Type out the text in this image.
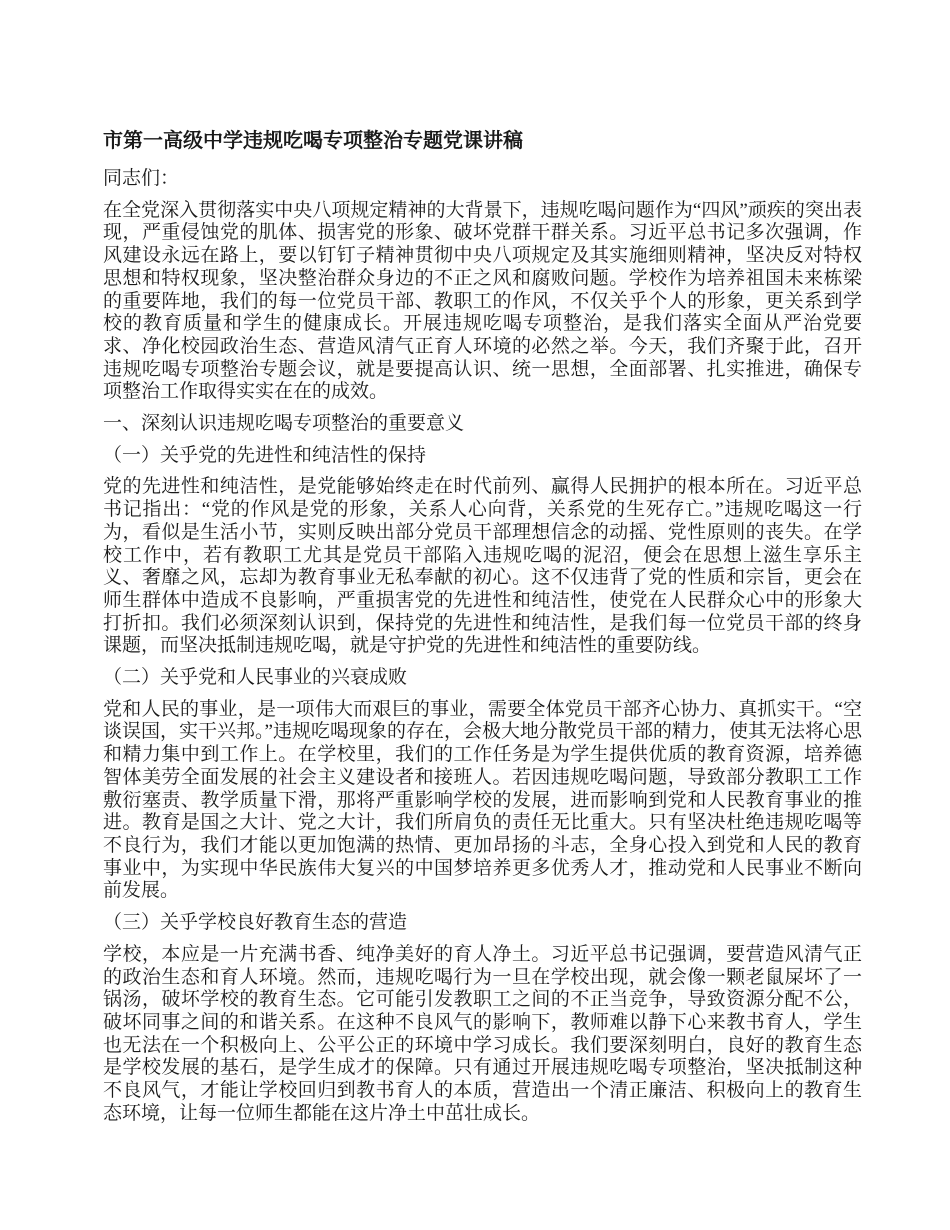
市第一高级中学违规吃喝专项整治专题党课讲稿

同志们：

在全党深入贯彻落实中央八项规定精神的大背景下，违规吃喝问题作为“四风”顽疾的突出表现，严重侵蚀党的肌体、损害党的形象、破坏党群干群关系。习近平总书记多次强调，作风建设永远在路上，要以钉钉子精神贯彻中央八项规定及其实施细则精神，坚决反对特权思想和特权现象，坚决整治群众身边的不正之风和腐败问题。学校作为培养祖国未来栋梁的重要阵地，我们的每一位党员干部、教职工的作风，不仅关乎个人的形象，更关系到学校的教育质量和学生的健康成长。开展违规吃喝专项整治，是我们落实全面从严治党要求、净化校园政治生态、营造风清气正育人环境的必然之举。今天，我们齐聚于此，召开违规吃喝专项整治专题会议，就是要提高认识、统一思想，全面部署、扎实推进，确保专项整治工作取得实实在在的成效。

一、深刻认识违规吃喝专项整治的重要意义

（一）关乎党的先进性和纯洁性的保持

党的先进性和纯洁性，是党能够始终走在时代前列、赢得人民拥护的根本所在。习近平总书记指出：“党的作风是党的形象，关系人心向背，关系党的生死存亡。”违规吃喝这一行为，看似是生活小节，实则反映出部分党员干部理想信念的动摇、党性原则的丧失。在学校工作中，若有教职工尤其是党员干部陷入违规吃喝的泥沼，便会在思想上滋生享乐主义、奢靡之风，忘却为教育事业无私奉献的初心。这不仅违背了党的性质和宗旨，更会在师生群体中造成不良影响，严重损害党的先进性和纯洁性，使党在人民群众心中的形象大打折扣。我们必须深刻认识到，保持党的先进性和纯洁性，是我们每一位党员干部的终身课题，而坚决抵制违规吃喝，就是守护党的先进性和纯洁性的重要防线。

（二）关乎党和人民事业的兴衰成败

党和人民的事业，是一项伟大而艰巨的事业，需要全体党员干部齐心协力、真抓实干。“空谈误国，实干兴邦。”违规吃喝现象的存在，会极大地分散党员干部的精力，使其无法将心思和精力集中到工作上。在学校里，我们的工作任务是为学生提供优质的教育资源，培养德智体美劳全面发展的社会主义建设者和接班人。若因违规吃喝问题，导致部分教职工工作敷衍塞责、教学质量下滑，那将严重影响学校的发展，进而影响到党和人民教育事业的推进。教育是国之大计、党之大计，我们所肩负的责任无比重大。只有坚决杜绝违规吃喝等不良行为，我们才能以更加饱满的热情、更加昂扬的斗志，全身心投入到党和人民的教育事业中，为实现中华民族伟大复兴的中国梦培养更多优秀人才，推动党和人民事业不断向前发展。

（三）关乎学校良好教育生态的营造

学校，本应是一片充满书香、纯净美好的育人净土。习近平总书记强调，要营造风清气正的政治生态和育人环境。然而，违规吃喝行为一旦在学校出现，就会像一颗老鼠屎坏了一锅汤，破坏学校的教育生态。它可能引发教职工之间的不正当竞争，导致资源分配不公，破坏同事之间的和谐关系。在这种不良风气的影响下，教师难以静下心来教书育人，学生也无法在一个积极向上、公平公正的环境中学习成长。我们要深刻明白，良好的教育生态是学校发展的基石，是学生成才的保障。只有通过开展违规吃喝专项整治，坚决抵制这种不良风气，才能让学校回归到教书育人的本质，营造出一个清正廉洁、积极向上的教育生态环境，让每一位师生都能在这片净土中茁壮成长。
